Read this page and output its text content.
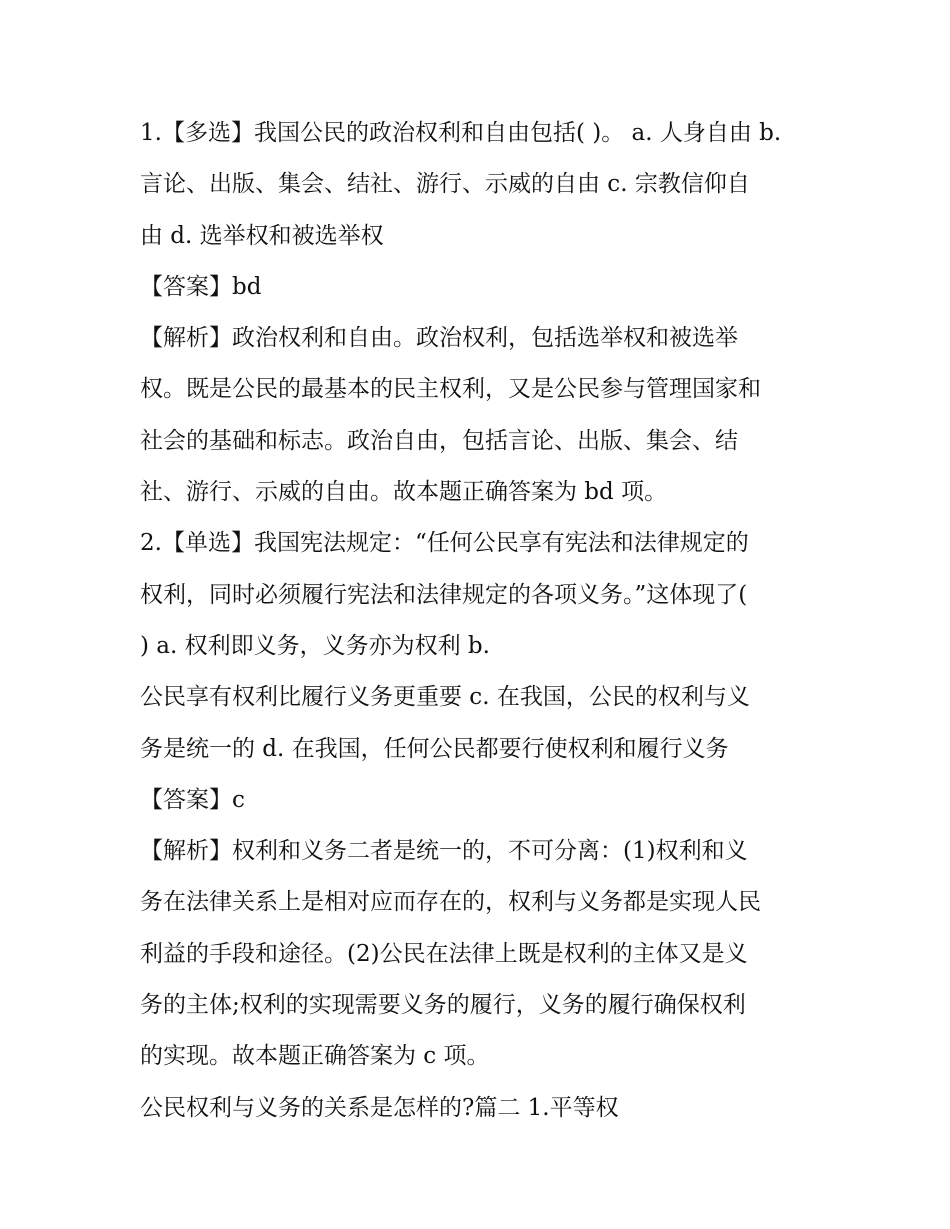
1.【多选】我国公民的政治权利和自由包括( )。 a. 人身自由 b.
言论、出版、集会、结社、游行、示威的自由 c. 宗教信仰自
由 d. 选举权和被选举权
【答案】bd
【解析】政治权利和自由。政治权利，包括选举权和被选举
权。既是公民的最基本的民主权利，又是公民参与管理国家和
社会的基础和标志。政治自由，包括言论、出版、集会、结
社、游行、示威的自由。故本题正确答案为 bd 项。
2.【单选】我国宪法规定：“任何公民享有宪法和法律规定的
权利，同时必须履行宪法和法律规定的各项义务。”这体现了(
) a. 权利即义务，义务亦为权利 b.
公民享有权利比履行义务更重要 c. 在我国，公民的权利与义
务是统一的 d. 在我国，任何公民都要行使权利和履行义务
【答案】c
【解析】权利和义务二者是统一的，不可分离：(1)权利和义
务在法律关系上是相对应而存在的，权利与义务都是实现人民
利益的手段和途径。(2)公民在法律上既是权利的主体又是义
务的主体;权利的实现需要义务的履行，义务的履行确保权利
的实现。故本题正确答案为 c 项。
公民权利与义务的关系是怎样的?篇二 1.平等权
